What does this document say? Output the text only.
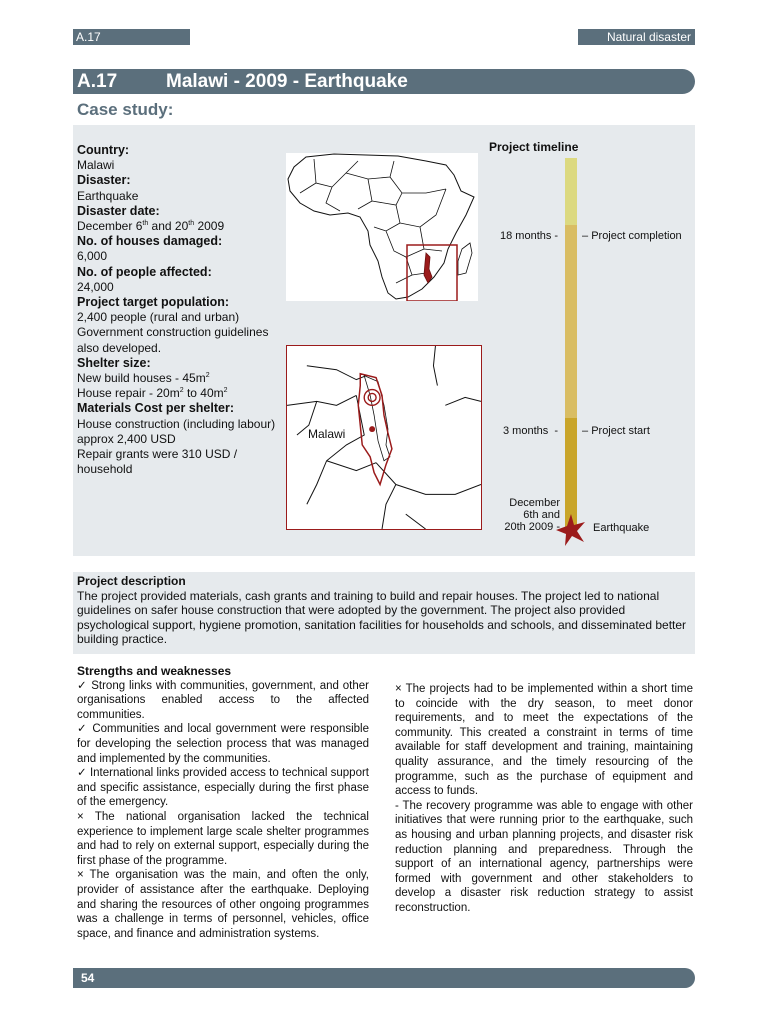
A.17	Natural disaster
A.17	Malawi - 2009 - Earthquake
Case study:
Country:
Malawi
Disaster:
Earthquake
Disaster date:
December 6th and 20th 2009
No. of houses damaged:
6,000
No. of people affected:
24,000
Project target population:
2,400 people (rural and urban)
Government construction guidelines also developed.
Shelter size:
New build houses - $45m^2$
House repair - $20m^2$ to $40m^2$
Materials Cost per shelter:
House construction (including labour) approx 2,400 USD
Repair grants were 310 USD / household
Malawi
Project timeline
18 months - – Project completion
3 months  - – Project start
December
6th and
20th 2009 -	Earthquake
Project description
The project provided materials, cash grants and training to build and repair houses. The project led to national guidelines on safer house construction that were adopted by the government. The project also provided psychological support, hygiene promotion, sanitation facilities for households and schools, and disseminated better building practice.

Strengths and weaknesses

✓ Strong links with communities, government, and other organisations enabled access to the affected communities.

✓ Communities and local government were responsible for developing the selection process that was managed and implemented by the communities.

✓ International links provided access to technical support and specific assistance, especially during the first phase of the emergency.

× The national organisation lacked the technical experience to implement large scale shelter programmes and had to rely on external support, especially during the first phase of the programme.

× The organisation was the main, and often the only, provider of assistance after the earthquake. Deploying and sharing the resources of other ongoing programmes was a challenge in terms of personnel, vehicles, office space, and finance and administration systems.

× The projects had to be implemented within a short time to coincide with the dry season, to meet donor requirements, and to meet the expectations of the community. This created a constraint in terms of time available for staff development and training, maintaining quality assurance, and the timely resourcing of the programme, such as the purchase of equipment and access to funds.

- The recovery programme was able to engage with other initiatives that were running prior to the earthquake, such as housing and urban planning projects, and disaster risk reduction planning and preparedness. Through the support of an international agency, partnerships were formed with government and other stakeholders to develop a disaster risk reduction strategy to assist reconstruction.

54
